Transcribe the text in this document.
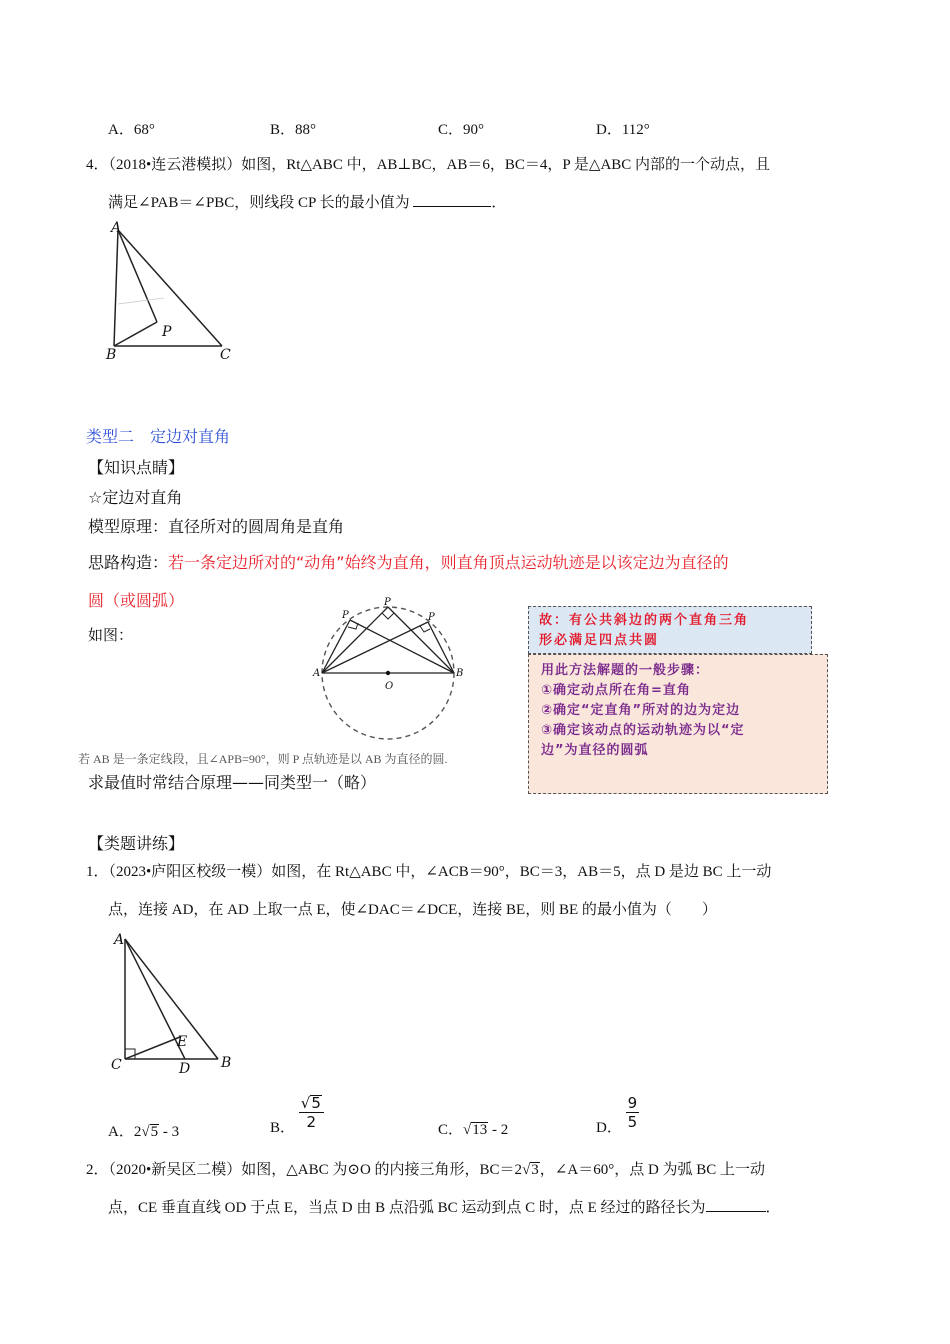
A．68°	B．88°	C．90°	D．112°
4．（2018•连云港模拟）如图，Rt△ABC 中，AB⊥BC，AB＝6，BC＝4，P 是△ABC 内部的一个动点，且
满足∠PAB＝∠PBC，则线段 CP 长的最小值为	．
A
B	C
P
类型二　定边对直角
【知识点睛】
☆定边对直角
模型原理：直径所对的圆周角是直角
思路构造：若一条定边所对的“动角”始终为直角，则直角顶点运动轨迹是以该定边为直径的
圆（或圆弧）
如图：
A	B
O
P
P	P
若 AB 是一条定线段，且∠APB=90°，则 P 点轨迹是以 AB 为直径的圆.
求最值时常结合原理——同类型一（略）
故：有公共斜边的两个直角三角
形必满足四点共圆
用此方法解题的一般步骤：
①确定动点所在角=直角
②确定“定直角”所对的边为定边
③确定该动点的运动轨迹为以“定
边”为直径的圆弧
【类题讲练】
1．（2023•庐阳区校级一模）如图，在 Rt△ABC 中，∠ACB＝90°，BC＝3，AB＝5，点 D 是边 BC 上一动
点，连接 AD，在 AD 上取一点 E，使∠DAC＝∠DCE，连接 BE，则 BE 的最小值为（　　）
A
C	D
E
B
A．2√5 - 3	B． $\frac{√5}{2}$	C．√13 - 2	D． $\frac{9}{5}$
2．（2020•新吴区二模）如图，△ABC 为⊙O 的内接三角形，BC＝2√3，∠A＝60°，点 D 为弧 BC 上一动
点，CE 垂直直线 OD 于点 E，当点 D 由 B 点沿弧 BC 运动到点 C 时，点 E 经过的路径长为	．
